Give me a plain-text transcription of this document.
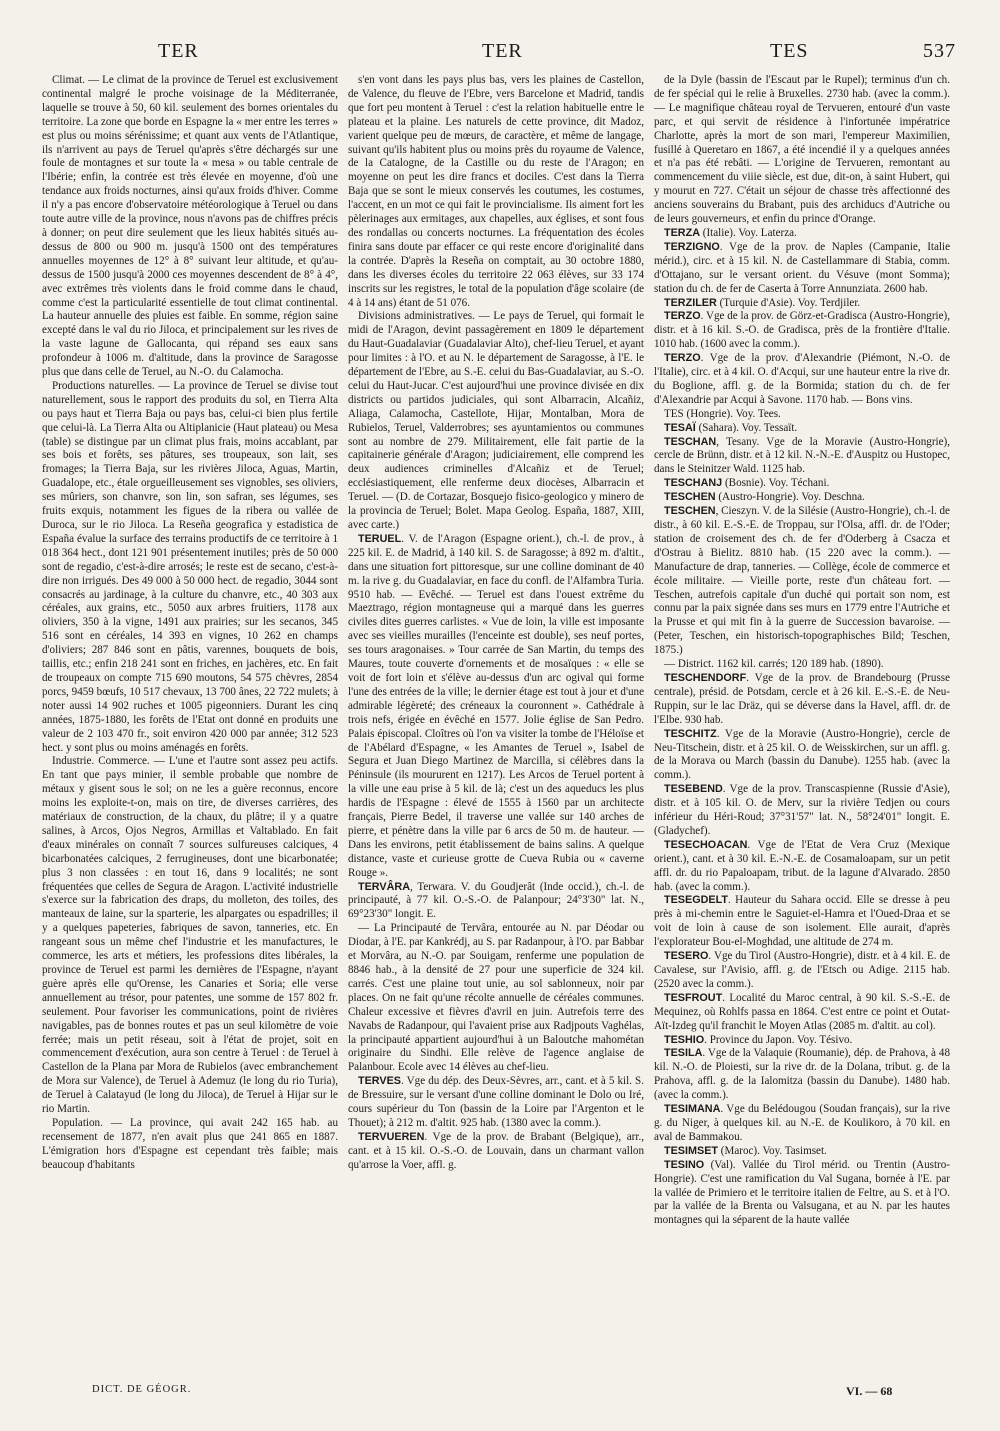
TER	TER	TES	537

Climat. — Le climat de la province de Teruel est exclusivement continental malgré le proche voisinage de la Méditerranée, laquelle se trouve à 50, 60 kil. seulement des bornes orientales du territoire. La zone que borde en Espagne la « mer entre les terres » est plus ou moins sérénissime; et quant aux vents de l'Atlantique, ils n'arrivent au pays de Teruel qu'après s'être déchargés sur une foule de montagnes et sur toute la « mesa » ou table centrale de l'Ibérie; enfin, la contrée est très élevée en moyenne, d'où une tendance aux froids nocturnes, ainsi qu'aux froids d'hiver. Comme il n'y a pas encore d'observatoire météorologique à Teruel ou dans toute autre ville de la province, nous n'avons pas de chiffres précis à donner; on peut dire seulement que les lieux habités situés au-dessus de 800 ou 900 m. jusqu'à 1500 ont des températures annuelles moyennes de 12° à 8° suivant leur altitude, et qu'au-dessus de 1500 jusqu'à 2000 ces moyennes descendent de 8° à 4°, avec extrêmes très violents dans le froid comme dans le chaud, comme c'est la particularité essentielle de tout climat continental. La hauteur annuelle des pluies est faible. En somme, région saine excepté dans le val du rio Jiloca, et principalement sur les rives de la vaste lagune de Gallocanta, qui répand ses eaux sans profondeur à 1006 m. d'altitude, dans la province de Saragosse plus que dans celle de Teruel, au N.-O. du Calamocha.

Productions naturelles. — La province de Teruel se divise tout naturellement, sous le rapport des produits du sol, en Tierra Alta ou pays haut et Tierra Baja ou pays bas, celui-ci bien plus fertile que celui-là. La Tierra Alta ou Altiplanicie (Haut plateau) ou Mesa (table) se distingue par un climat plus frais, moins accablant, par ses bois et forêts, ses pâtures, ses troupeaux, son lait, ses fromages; la Tierra Baja, sur les rivières Jiloca, Aguas, Martin, Guadalope, etc., étale orgueilleusement ses vignobles, ses oliviers, ses mûriers, son chanvre, son lin, son safran, ses légumes, ses fruits exquis, notamment les figues de la ribera ou vallée de Duroca, sur le rio Jiloca. La Reseña geografica y estadistica de España évalue la surface des terrains productifs de ce territoire à 1 018 364 hect., dont 121 901 présentement inutiles; près de 50 000 sont de regadio, c'est-à-dire arrosés; le reste est de secano, c'est-à-dire non irrigués. Des 49 000 à 50 000 hect. de regadio, 3044 sont consacrés au jardinage, à la culture du chanvre, etc., 40 303 aux céréales, aux grains, etc., 5050 aux arbres fruitiers, 1178 aux oliviers, 350 à la vigne, 1491 aux prairies; sur les secanos, 345 516 sont en céréales, 14 393 en vignes, 10 262 en champs d'oliviers; 287 846 sont en pâtis, varennes, bouquets de bois, taillis, etc.; enfin 218 241 sont en friches, en jachères, etc. En fait de troupeaux on compte 715 690 moutons, 54 575 chèvres, 2854 porcs, 9459 bœufs, 10 517 chevaux, 13 700 ânes, 22 722 mulets; à noter aussi 14 902 ruches et 1005 pigeonniers. Durant les cinq années, 1875-1880, les forêts de l'Etat ont donné en produits une valeur de 2 103 470 fr., soit environ 420 000 par année; 312 523 hect. y sont plus ou moins aménagés en forêts.

Industrie. Commerce. — L'une et l'autre sont assez peu actifs. En tant que pays minier, il semble probable que nombre de métaux y gisent sous le sol; on ne les a guère reconnus, encore moins les exploite-t-on, mais on tire, de diverses carrières, des matériaux de construction, de la chaux, du plâtre; il y a quatre salines, à Arcos, Ojos Negros, Armillas et Valtablado. En fait d'eaux minérales on connaît 7 sources sulfureuses calciques, 4 bicarbonatées calciques, 2 ferrugineuses, dont une bicarbonatée; plus 3 non classées : en tout 16, dans 9 localités; ne sont fréquentées que celles de Segura de Aragon. L'activité industrielle s'exerce sur la fabrication des draps, du molleton, des toiles, des manteaux de laine, sur la sparterie, les alpargates ou espadrilles; il y a quelques papeteries, fabriques de savon, tanneries, etc. En rangeant sous un même chef l'industrie et les manufactures, le commerce, les arts et métiers, les professions dites libérales, la province de Teruel est parmi les dernières de l'Espagne, n'ayant guère après elle qu'Orense, les Canaries et Soria; elle verse annuellement au trésor, pour patentes, une somme de 157 802 fr. seulement. Pour favoriser les communications, point de rivières navigables, pas de bonnes routes et pas un seul kilomètre de voie ferrée; mais un petit réseau, soit à l'état de projet, soit en commencement d'exécution, aura son centre à Teruel : de Teruel à Castellon de la Plana par Mora de Rubielos (avec embranchement de Mora sur Valence), de Teruel à Ademuz (le long du rio Turia), de Teruel à Calatayud (le long du Jiloca), de Teruel à Hijar sur le rio Martin.

Population. — La province, qui avait 242 165 hab. au recensement de 1877, n'en avait plus que 241 865 en 1887. L'émigration hors d'Espagne est cependant très faible; mais beaucoup d'habitants

s'en vont dans les pays plus bas, vers les plaines de Castellon, de Valence, du fleuve de l'Ebre, vers Barcelone et Madrid, tandis que fort peu montent à Teruel : c'est la relation habituelle entre le plateau et la plaine. Les naturels de cette province, dit Madoz, varient quelque peu de mœurs, de caractère, et même de langage, suivant qu'ils habitent plus ou moins près du royaume de Valence, de la Catalogne, de la Castille ou du reste de l'Aragon; en moyenne on peut les dire francs et dociles. C'est dans la Tierra Baja que se sont le mieux conservés les coutumes, les costumes, l'accent, en un mot ce qui fait le provincialisme. Ils aiment fort les pèlerinages aux ermitages, aux chapelles, aux églises, et sont fous des rondallas ou concerts nocturnes. La fréquentation des écoles finira sans doute par effacer ce qui reste encore d'originalité dans la contrée. D'après la Reseña on comptait, au 30 octobre 1880, dans les diverses écoles du territoire 22 063 élèves, sur 33 174 inscrits sur les registres, le total de la population d'âge scolaire (de 4 à 14 ans) étant de 51 076.

Divisions administratives. — Le pays de Teruel, qui formait le midi de l'Aragon, devint passagèrement en 1809 le département du Haut-Guadalaviar (Guadalaviar Alto), chef-lieu Teruel, et ayant pour limites : à l'O. et au N. le département de Saragosse, à l'E. le département de l'Ebre, au S.-E. celui du Bas-Guadalaviar, au S.-O. celui du Haut-Jucar. C'est aujourd'hui une province divisée en dix districts ou partidos judiciales, qui sont Albarracin, Alcañiz, Aliaga, Calamocha, Castellote, Hijar, Montalban, Mora de Rubielos, Teruel, Valderrobres; ses ayuntamientos ou communes sont au nombre de 279. Militairement, elle fait partie de la capitainerie générale d'Aragon; judiciairement, elle comprend les deux audiences criminelles d'Alcañiz et de Teruel; ecclésiastiquement, elle renferme deux diocèses, Albarracin et Teruel. — (D. de Cortazar, Bosquejo fisico-geologico y minero de la provincia de Teruel; Bolet. Mapa Geolog. España, 1887, XIII, avec carte.)

TERUEL. V. de l'Aragon (Espagne orient.), ch.-l. de prov., à 225 kil. E. de Madrid, à 140 kil. S. de Saragosse; à 892 m. d'altit., dans une situation fort pittoresque, sur une colline dominant de 40 m. la rive g. du Guadalaviar, en face du confl. de l'Alfambra Turia. 9510 hab. — Evêché. — Teruel est dans l'ouest extrême du Maeztrago, région montagneuse qui a marqué dans les guerres civiles dites guerres carlistes. « Vue de loin, la ville est imposante avec ses vieilles murailles (l'enceinte est double), ses neuf portes, ses tours aragonaises. » Tour carrée de San Martin, du temps des Maures, toute couverte d'ornements et de mosaïques : « elle se voit de fort loin et s'élève au-dessus d'un arc ogival qui forme l'une des entrées de la ville; le dernier étage est tout à jour et d'une admirable légèreté; des créneaux la couronnent ». Cathédrale à trois nefs, érigée en évêché en 1577. Jolie église de San Pedro. Palais épiscopal. Cloîtres où l'on va visiter la tombe de l'Héloïse et de l'Abélard d'Espagne, « les Amantes de Teruel », Isabel de Segura et Juan Diego Martinez de Marcilla, si célèbres dans la Péninsule (ils moururent en 1217). Les Arcos de Teruel portent à la ville une eau prise à 5 kil. de là; c'est un des aqueducs les plus hardis de l'Espagne : élevé de 1555 à 1560 par un architecte français, Pierre Bedel, il traverse une vallée sur 140 arches de pierre, et pénètre dans la ville par 6 arcs de 50 m. de hauteur. — Dans les environs, petit établissement de bains salins. A quelque distance, vaste et curieuse grotte de Cueva Rubia ou « caverne Rouge ».

TERVÂRA, Terwara. V. du Goudjerât (Inde occid.), ch.-l. de principauté, à 77 kil. O.-S.-O. de Palanpour; 24°3'30" lat. N., 69°23'30" longit. E.

— La Principauté de Tervâra, entourée au N. par Déodar ou Diodar, à l'E. par Kankrédj, au S. par Radanpour, à l'O. par Babbar et Morvâra, au N.-O. par Souigam, renferme une population de 8846 hab., à la densité de 27 pour une superficie de 324 kil. carrés. C'est une plaine tout unie, au sol sablonneux, noir par places. On ne fait qu'une récolte annuelle de céréales communes. Chaleur excessive et fièvres d'avril en juin. Autrefois terre des Navabs de Radanpour, qui l'avaient prise aux Radjpouts Vaghélas, la principauté appartient aujourd'hui à un Baloutche mahométan originaire du Sindhi. Elle relève de l'agence anglaise de Palanbour. Ecole avec 14 élèves au chef-lieu.

TERVES. Vge du dép. des Deux-Sèvres, arr., cant. et à 5 kil. S. de Bressuire, sur le versant d'une colline dominant le Dolo ou Iré, cours supérieur du Ton (bassin de la Loire par l'Argenton et le Thouet); à 212 m. d'altit. 925 hab. (1380 avec la comm.).

TERVUEREN. Vge de la prov. de Brabant (Belgique), arr., cant. et à 15 kil. O.-S.-O. de Louvain, dans un charmant vallon qu'arrose la Voer, affl. g.

de la Dyle (bassin de l'Escaut par le Rupel); terminus d'un ch. de fer spécial qui le relie à Bruxelles. 2730 hab. (avec la comm.). — Le magnifique château royal de Tervueren, entouré d'un vaste parc, et qui servit de résidence à l'infortunée impératrice Charlotte, après la mort de son mari, l'empereur Maximilien, fusillé à Queretaro en 1867, a été incendié il y a quelques années et n'a pas été rebâti. — L'origine de Tervueren, remontant au commencement du viiie siècle, est due, dit-on, à saint Hubert, qui y mourut en 727. C'était un séjour de chasse très affectionné des anciens souverains du Brabant, puis des archiducs d'Autriche ou de leurs gouverneurs, et enfin du prince d'Orange.

TERZA (Italie). Voy. Laterza.

TERZIGNO. Vge de la prov. de Naples (Campanie, Italie mérid.), circ. et à 15 kil. N. de Castellammare di Stabia, comm. d'Ottajano, sur le versant orient. du Vésuve (mont Somma); station du ch. de fer de Caserta à Torre Annunziata. 2600 hab.

TERZILER (Turquie d'Asie). Voy. Terdjiler.

TERZO. Vge de la prov. de Görz-et-Gradisca (Austro-Hongrie), distr. et à 16 kil. S.-O. de Gradisca, près de la frontière d'Italie. 1010 hab. (1600 avec la comm.).

TERZO. Vge de la prov. d'Alexandrie (Piémont, N.-O. de l'Italie), circ. et à 4 kil. O. d'Acqui, sur une hauteur entre la rive dr. du Boglione, affl. g. de la Bormida; station du ch. de fer d'Alexandrie par Acqui à Savone. 1170 hab. — Bons vins.

TES (Hongrie). Voy. Tees.

TESAÏ (Sahara). Voy. Tessaït.

TESCHAN, Tesany. Vge de la Moravie (Austro-Hongrie), cercle de Brünn, distr. et à 12 kil. N.-N.-E. d'Auspitz ou Hustopec, dans le Steinitzer Wald. 1125 hab.

TESCHANJ (Bosnie). Voy. Téchani.

TESCHEN (Austro-Hongrie). Voy. Deschna.

TESCHEN, Cieszyn. V. de la Silésie (Austro-Hongrie), ch.-l. de distr., à 60 kil. E.-S.-E. de Troppau, sur l'Olsa, affl. dr. de l'Oder; station de croisement des ch. de fer d'Oderberg à Csacza et d'Ostrau à Bielitz. 8810 hab. (15 220 avec la comm.). — Manufacture de drap, tanneries. — Collège, école de commerce et école militaire. — Vieille porte, reste d'un château fort. — Teschen, autrefois capitale d'un duché qui portait son nom, est connu par la paix signée dans ses murs en 1779 entre l'Autriche et la Prusse et qui mit fin à la guerre de Succession bavaroise. — (Peter, Teschen, ein historisch-topographisches Bild; Teschen, 1875.)

— District. 1162 kil. carrés; 120 189 hab. (1890).

TESCHENDORF. Vge de la prov. de Brandebourg (Prusse centrale), présid. de Potsdam, cercle et à 26 kil. E.-S.-E. de Neu-Ruppin, sur le lac Dräz, qui se déverse dans la Havel, affl. dr. de l'Elbe. 930 hab.

TESCHITZ. Vge de la Moravie (Austro-Hongrie), cercle de Neu-Titschein, distr. et à 25 kil. O. de Weisskirchen, sur un affl. g. de la Morava ou March (bassin du Danube). 1255 hab. (avec la comm.).

TESEBEND. Vge de la prov. Transcaspienne (Russie d'Asie), distr. et à 105 kil. O. de Merv, sur la rivière Tedjen ou cours inférieur du Héri-Roud; 37°31'57" lat. N., 58°24'01" longit. E. (Gladychef).

TESECHOACAN. Vge de l'Etat de Vera Cruz (Mexique orient.), cant. et à 30 kil. E.-N.-E. de Cosamaloapam, sur un petit affl. dr. du rio Papaloapam, tribut. de la lagune d'Alvarado. 2850 hab. (avec la comm.).

TESEGDELT. Hauteur du Sahara occid. Elle se dresse à peu près à mi-chemin entre le Saguiet-el-Hamra et l'Oued-Draa et se voit de loin à cause de son isolement. Elle aurait, d'après l'explorateur Bou-el-Moghdad, une altitude de 274 m.

TESERO. Vge du Tirol (Austro-Hongrie), distr. et à 4 kil. E. de Cavalese, sur l'Avisio, affl. g. de l'Etsch ou Adige. 2115 hab. (2520 avec la comm.).

TESFROUT. Localité du Maroc central, à 90 kil. S.-S.-E. de Mequinez, où Rohlfs passa en 1864. C'est entre ce point et Outat-Aït-Izdeg qu'il franchit le Moyen Atlas (2085 m. d'altit. au col).

TESHIO. Province du Japon. Voy. Tésivo.

TESILA. Vge de la Valaquie (Roumanie), dép. de Prahova, à 48 kil. N.-O. de Ploiesti, sur la rive dr. de la Dolana, tribut. g. de la Prahova, affl. g. de la Ialomitza (bassin du Danube). 1480 hab. (avec la comm.).

TESIMANA. Vge du Belédougou (Soudan français), sur la rive g. du Niger, à quelques kil. au N.-E. de Koulikoro, à 70 kil. en aval de Bammakou.

TESIMSET (Maroc). Voy. Tasimset.

TESINO (Val). Vallée du Tirol mérid. ou Trentin (Austro-Hongrie). C'est une ramification du Val Sugana, bornée à l'E. par la vallée de Primiero et le territoire italien de Feltre, au S. et à l'O. par la vallée de la Brenta ou Valsugana, et au N. par les hautes montagnes qui la séparent de la haute vallée

DICT. DE GÉOGR.	VI. — 68
